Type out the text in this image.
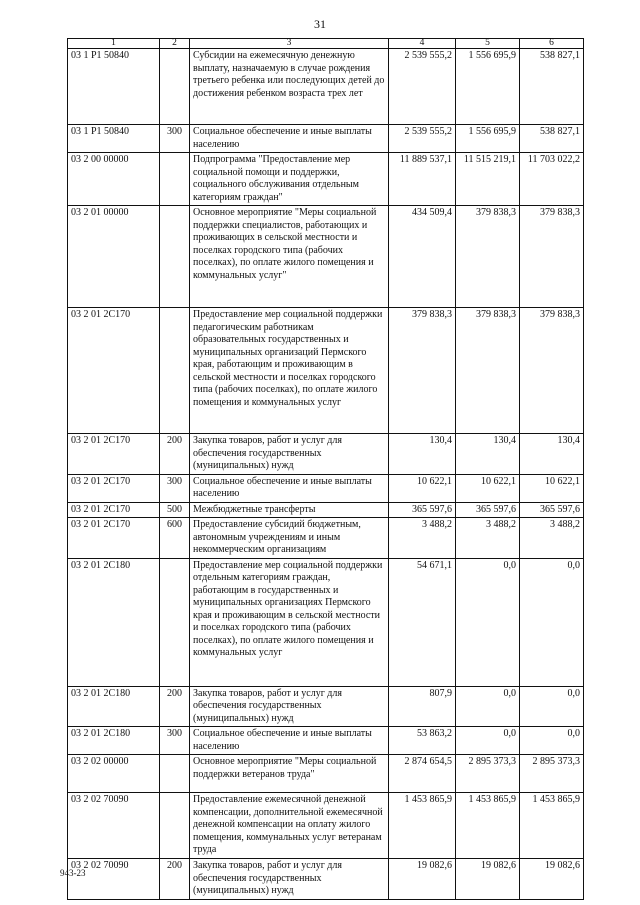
31
1	2	3	4	5	6
03 1 P1 50840		Субсидии на ежемесячную денежную выплату, назначаемую в случае рождения третьего ребенка или последующих детей до достижения ребенком возраста трех лет	2 539 555,2	1 556 695,9	538 827,1
03 1 P1 50840	300	Социальное обеспечение и иные выплаты населению	2 539 555,2	1 556 695,9	538 827,1
03 2 00 00000		Подпрограмма "Предоставление мер социальной помощи и поддержки, социального обслуживания отдельным категориям граждан"	11 889 537,1	11 515 219,1	11 703 022,2
03 2 01 00000		Основное мероприятие "Меры социальной поддержки специалистов, работающих и проживающих в сельской местности и поселках городского типа (рабочих поселках), по оплате жилого помещения и коммунальных услуг"	434 509,4	379 838,3	379 838,3
03 2 01 2C170		Предоставление мер социальной поддержки педагогическим работникам образовательных государственных и муниципальных организаций Пермского края, работающим и проживающим в сельской местности и поселках городского типа (рабочих поселках), по оплате жилого помещения и коммунальных услуг	379 838,3	379 838,3	379 838,3
03 2 01 2C170	200	Закупка товаров, работ и услуг для обеспечения государственных (муниципальных) нужд	130,4	130,4	130,4
03 2 01 2C170	300	Социальное обеспечение и иные выплаты населению	10 622,1	10 622,1	10 622,1
03 2 01 2C170	500	Межбюджетные трансферты	365 597,6	365 597,6	365 597,6
03 2 01 2C170	600	Предоставление субсидий бюджетным, автономным учреждениям и иным некоммерческим организациям	3 488,2	3 488,2	3 488,2
03 2 01 2C180		Предоставление мер социальной поддержки отдельным категориям граждан, работающим в государственных и муниципальных организациях Пермского края и проживающим в сельской местности и поселках городского типа (рабочих поселках), по оплате жилого помещения и коммунальных услуг	54 671,1	0,0	0,0
03 2 01 2C180	200	Закупка товаров, работ и услуг для обеспечения государственных (муниципальных) нужд	807,9	0,0	0,0
03 2 01 2C180	300	Социальное обеспечение и иные выплаты населению	53 863,2	0,0	0,0
03 2 02 00000		Основное мероприятие "Меры социальной поддержки ветеранов труда"	2 874 654,5	2 895 373,3	2 895 373,3
03 2 02 70090		Предоставление ежемесячной денежной компенсации, дополнительной ежемесячной денежной компенсации на оплату жилого помещения, коммунальных услуг ветеранам труда	1 453 865,9	1 453 865,9	1 453 865,9
03 2 02 70090	200	Закупка товаров, работ и услуг для обеспечения государственных (муниципальных) нужд	19 082,6	19 082,6	19 082,6
943-23
